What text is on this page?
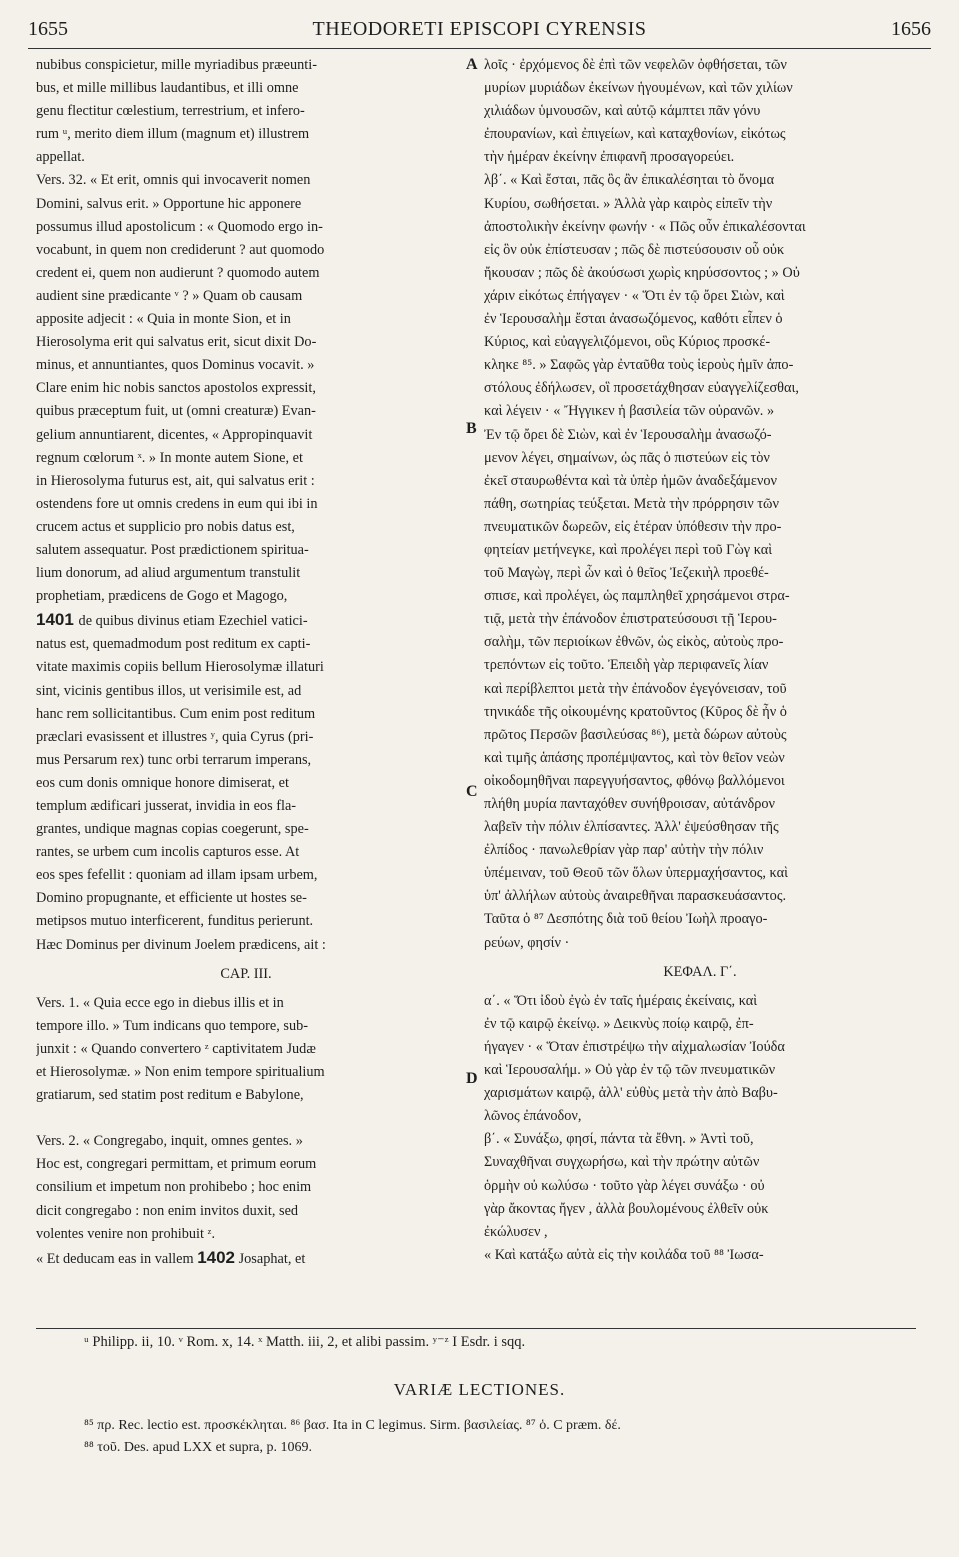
1655	THEODORETI EPISCOPI CYRENSIS	1656
nubibus conspicietur, mille myriadibus præeunti-
bus, et mille millibus laudantibus, et illi omne
genu flectitur cœlestium, terrestrium, et infero-
rum ᵘ, merito diem illum (magnum et) illustrem
appellat.
Vers. 32. « Et erit, omnis qui invocaverit nomen
Domini, salvus erit. » Opportune hic apponere
possumus illud apostolicum : « Quomodo ergo in-
vocabunt, in quem non crediderunt ? aut quomodo
credent ei, quem non audierunt ? quomodo autem
audient sine prædicante ᵛ ? » Quam ob causam
apposite adjecit : « Quia in monte Sion, et in
Hierosolyma erit qui salvatus erit, sicut dixit Do-
minus, et annuntiantes, quos Dominus vocavit. »
Clare enim hic nobis sanctos apostolos expressit,
quibus præceptum fuit, ut (omni creaturæ) Evan-
gelium annuntiarent, dicentes, « Appropinquavit
regnum cœlorum ˣ. » In monte autem Sione, et
in Hierosolyma futurus est, ait, qui salvatus erit :
ostendens fore ut omnis credens in eum qui ibi in
crucem actus et supplicio pro nobis datus est,
salutem assequatur. Post prædictionem spiritua-
lium donorum, ad aliud argumentum transtulit
prophetiam, prædicens de Gogo et Magogo,
1401 de quibus divinus etiam Ezechiel vatici-
natus est, quemadmodum post reditum ex capti-
vitate maximis copiis bellum Hierosolymæ illaturi
sint, vicinis gentibus illos, ut verisimile est, ad
hanc rem sollicitantibus. Cum enim post reditum
præclari evasissent et illustres ʸ, quia Cyrus (pri-
mus Persarum rex) tunc orbi terrarum imperans,
eos cum donis omnique honore dimiserat, et
templum ædificari jusserat, invidia in eos fla-
grantes, undique magnas copias coegerunt, spe-
rantes, se urbem cum incolis capturos esse. At
eos spes fefellit : quoniam ad illam ipsam urbem,
Domino propugnante, et efficiente ut hostes se-
metipsos mutuo interficerent, funditus perierunt.
Hæc Dominus per divinum Joelem prædicens, ait :
CAP. III.
Vers. 1. « Quia ecce ego in diebus illis et in
tempore illo. » Tum indicans quo tempore, sub-
junxit : « Quando convertero ᶻ captivitatem Judæ
et Hierosolymæ. » Non enim tempore spiritualium
gratiarum, sed statim post reditum e Babylone,
Vers. 2. « Congregabo, inquit, omnes gentes. »
Hoc est, congregari permittam, et primum eorum
consilium et impetum non prohibebo ; hoc enim
dicit congregabo : non enim invitos duxit, sed
volentes venire non prohibuit ᶻ.
« Et deducam eas in vallem 1402 Josaphat, et
λοῖς · ἐρχόμενος δὲ ἐπὶ τῶν νεφελῶν ὀφθήσεται, τῶν
μυρίων μυριάδων ἐκείνων ἡγουμένων, καὶ τῶν χιλίων
χιλιάδων ὑμνουσῶν, καὶ αὐτῷ κάμπτει πᾶν γόνυ
ἐπουρανίων, καὶ ἐπιγείων, καὶ καταχθονίων, εἰκότως
τὴν ἡμέραν ἐκείνην ἐπιφανῆ προσαγορεύει.
λβ΄. « Καὶ ἔσται, πᾶς ὃς ἂν ἐπικαλέσηται τὸ ὄνομα
Κυρίου, σωθήσεται. » Ἀλλὰ γὰρ καιρὸς εἰπεῖν τὴν
ἀποστολικὴν ἐκείνην φωνήν · « Πῶς οὖν ἐπικαλέσονται
εἰς ὃν οὐκ ἐπίστευσαν ; πῶς δὲ πιστεύσουσιν οὗ οὐκ
ἤκουσαν ; πῶς δὲ ἀκούσωσι χωρὶς κηρύσσοντος ; » Οὐ
χάριν εἰκότως ἐπήγαγεν · « Ὅτι ἐν τῷ ὄρει Σιὼν, καὶ
ἐν Ἱερουσαλὴμ ἔσται ἀνασωζόμενος, καθότι εἶπεν ὁ
Κύριος, καὶ εὐαγγελιζόμενοι, οὓς Κύριος προσκέ-
κληκε ⁸⁵. » Σαφῶς γὰρ ἐνταῦθα τοὺς ἱεροὺς ἡμῖν ἀπο-
στόλους ἐδήλωσεν, οἳ προσετάχθησαν εὐαγγελίζεσθαι,
καὶ λέγειν · « Ἤγγικεν ἡ βασιλεία τῶν οὐρανῶν. »
Ἐν τῷ ὄρει δὲ Σιὼν, καὶ ἐν Ἱερουσαλὴμ ἀνασωζό-
μενον λέγει, σημαίνων, ὡς πᾶς ὁ πιστεύων εἰς τὸν
ἐκεῖ σταυρωθέντα καὶ τὰ ὑπὲρ ἡμῶν ἀναδεξάμενον
πάθη, σωτηρίας τεύξεται. Μετὰ τὴν πρόρρησιν τῶν
πνευματικῶν δωρεῶν, εἰς ἑτέραν ὑπόθεσιν τὴν προ-
φητείαν μετήνεγκε, καὶ προλέγει περὶ τοῦ Γὼγ καὶ
τοῦ Μαγὼγ, περὶ ὧν καὶ ὁ θεῖος Ἰεζεκιὴλ προεθέ-
σπισε, καὶ προλέγει, ὡς παμπληθεῖ χρησάμενοι στρα-
τιᾷ, μετὰ τὴν ἐπάνοδον ἐπιστρατεύσουσι τῇ Ἱερου-
σαλὴμ, τῶν περιοίκων ἐθνῶν, ὡς εἰκὸς, αὐτοὺς προ-
τρεπόντων εἰς τοῦτο. Ἐπειδὴ γὰρ περιφανεῖς λίαν
καὶ περίβλεπτοι μετὰ τὴν ἐπάνοδον ἐγεγόνεισαν, τοῦ
τηνικάδε τῆς οἰκουμένης κρατοῦντος (Κῦρος δὲ ἦν ὁ
πρῶτος Περσῶν βασιλεύσας ⁸⁶), μετὰ δώρων αὐτοὺς
καὶ τιμῆς ἁπάσης προπέμψαντος, καὶ τὸν θεῖον νεὼν
οἰκοδομηθῆναι παρεγγυήσαντος, φθόνῳ βαλλόμενοι
πλήθη μυρία πανταχόθεν συνήθροισαν, αὐτάνδρον
λαβεῖν τὴν πόλιν ἐλπίσαντες. Ἀλλ' ἐψεύσθησαν τῆς
ἐλπίδος · πανωλεθρίαν γὰρ παρ' αὐτὴν τὴν πόλιν
ὑπέμειναν, τοῦ Θεοῦ τῶν ὅλων ὑπερμαχήσαντος, καὶ
ὑπ' ἀλλήλων αὐτοὺς ἀναιρεθῆναι παρασκευάσαντος.
Ταῦτα ὁ ⁸⁷ Δεσπότης διὰ τοῦ θείου Ἰωὴλ προαγο-
ρεύων, φησίν ·
ΚΕΦΑΛ. Γ΄.
α΄. « Ὅτι ἰδοὺ ἐγὼ ἐν ταῖς ἡμέραις ἐκείναις, καὶ
ἐν τῷ καιρῷ ἐκείνῳ. » Δεικνὺς ποίῳ καιρῷ, ἐπ-
ήγαγεν · « Ὅταν ἐπιστρέψω τὴν αἰχμαλωσίαν Ἰούδα
καὶ Ἱερουσαλήμ. » Οὐ γὰρ ἐν τῷ τῶν πνευματικῶν
χαρισμάτων καιρῷ, ἀλλ' εὐθὺς μετὰ τὴν ἀπὸ Βαβυ-
λῶνος ἐπάνοδον,
β΄. « Συνάξω, φησί, πάντα τὰ ἔθνη. » Ἀντὶ τοῦ,
Συναχθῆναι συγχωρήσω, καὶ τὴν πρώτην αὐτῶν
ὁρμὴν οὐ κωλύσω · τοῦτο γὰρ λέγει συνάξω · οὐ
γὰρ ἄκοντας ἤγεν , ἀλλὰ βουλομένους ἐλθεῖν οὐκ
ἐκώλυσεν ,
« Καὶ κατάξω αὐτὰ εἰς τὴν κοιλάδα τοῦ ⁸⁸ Ἰωσα-
A
B
C
D
ᵘ Philipp. ii, 10. ᵛ Rom. x, 14. ˣ Matth. iii, 2, et alibi passim. ʸ⁻ᶻ I Esdr. i sqq.
VARIÆ LECTIONES.
⁸⁵ πρ. Rec. lectio est. προσκέκληται. ⁸⁶ βασ. Ita in C legimus. Sirm. βασιλείας. ⁸⁷ ὁ. C præm. δέ.
⁸⁸ τοῦ. Des. apud LXX et supra, p. 1069.
